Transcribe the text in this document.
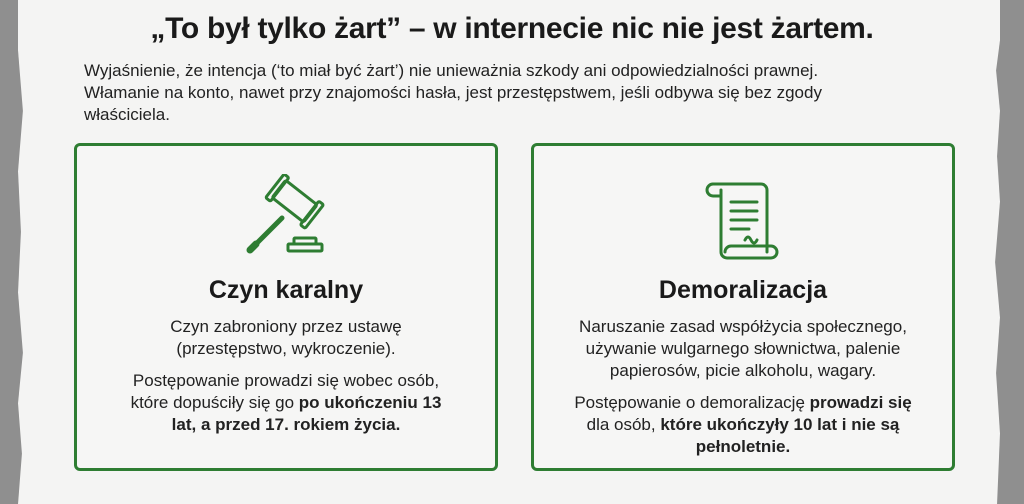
„To był tylko żart” – w internecie nic nie jest żartem.

Wyjaśnienie, że intencja (‘to miał być żart’) nie unieważnia szkody ani odpowiedzialności prawnej.
Włamanie na konto, nawet przy znajomości hasła, jest przestępstwem, jeśli odbywa się bez zgody
właściciela.

Czyn karalny

Czyn zabroniony przez ustawę
(przestępstwo, wykroczenie).

Postępowanie prowadzi się wobec osób,
które dopuściły się go po ukończeniu 13
lat, a przed 17. rokiem życia.

Demoralizacja

Naruszanie zasad współżycia społecznego,
używanie wulgarnego słownictwa, palenie
papierosów, picie alkoholu, wagary.

Postępowanie o demoralizację prowadzi się
dla osób, które ukończyły 10 lat i nie są
pełnoletnie.
